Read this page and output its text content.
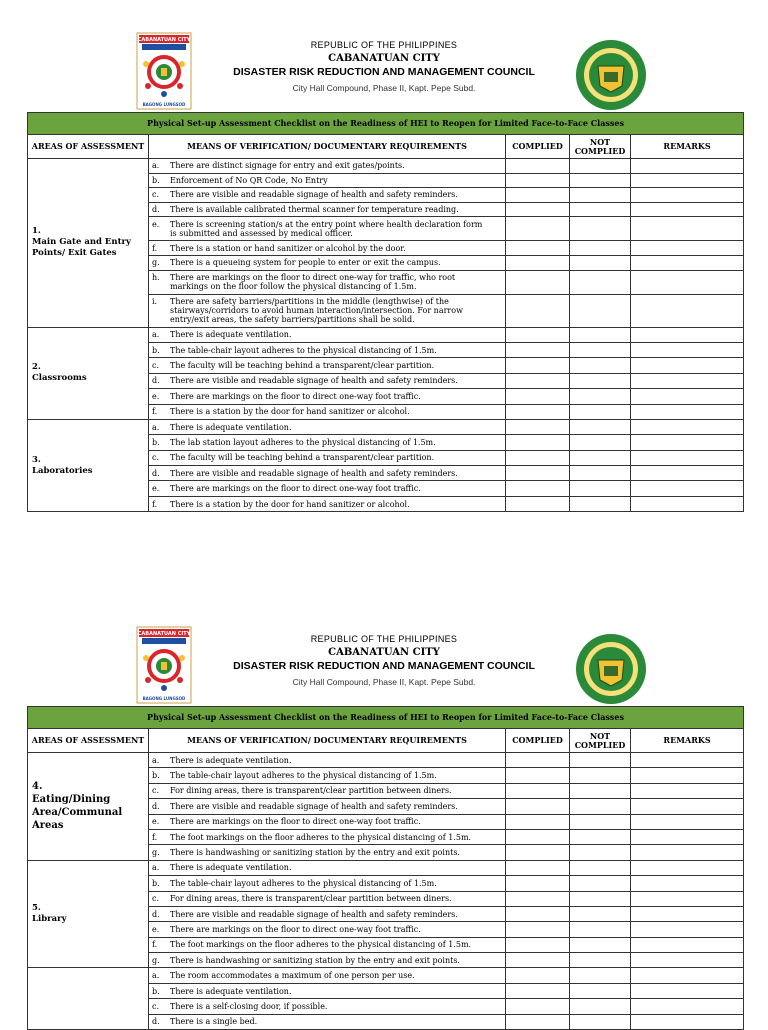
CABANATUAN CITY
BAGONG LUNGSOD
REPUBLIC OF THE PHILIPPINES
CABANATUAN CITY
DISASTER RISK REDUCTION AND MANAGEMENT COUNCIL
City Hall Compound, Phase II, Kapt. Pepe Subd.
Physical Set-up Assessment Checklist on the Readiness of HEI to Reopen for Limited Face-to-Face Classes				
AREAS OF ASSESSMENT	MEANS OF VERIFICATION/ DOCUMENTARY REQUIREMENTS	COMPLIED	NOT COMPLIED	REMARKS
1.Main Gate and Entry Points/ Exit Gates	a. There are distinct signage for entry and exit gates/points.			
	b. Enforcement of No QR Code, No Entry			
	c. There are visible and readable signage of health and safety reminders.			
	d. There is available calibrated thermal scanner for temperature reading.			
	e. There is screening station/s at the entry point where health declaration form is submitted and assessed by medical officer.			
	f. There is a station or hand sanitizer or alcohol by the door.			
	g. There is a queueing system for people to enter or exit the campus.			
	h. There are markings on the floor to direct one-way for traffic, who root markings on the floor follow the physical distancing of 1.5m.			
	i. There are safety barriers/partitions in the middle (lengthwise) of the stairways/corridors to avoid human interaction/intersection. For narrow entry/exit areas, the safety barriers/partitions shall be solid.			
2.Classrooms	a. There is adequate ventilation.			
	b. The table-chair layout adheres to the physical distancing of 1.5m.			
	c. The faculty will be teaching behind a transparent/clear partition.			
	d. There are visible and readable signage of health and safety reminders.			
	e. There are markings on the floor to direct one-way foot traffic.			
	f. There is a station by the door for hand sanitizer or alcohol.			
3.Laboratories	a. There is adequate ventilation.			
	b. The lab station layout adheres to the physical distancing of 1.5m.			
	c. The faculty will be teaching behind a transparent/clear partition.			
	d. There are visible and readable signage of health and safety reminders.			
	e. There are markings on the floor to direct one-way foot traffic.			
	f. There is a station by the door for hand sanitizer or alcohol.			
CABANATUAN CITY
BAGONG LUNGSOD
REPUBLIC OF THE PHILIPPINES
CABANATUAN CITY
DISASTER RISK REDUCTION AND MANAGEMENT COUNCIL
City Hall Compound, Phase II, Kapt. Pepe Subd.
Physical Set-up Assessment Checklist on the Readiness of HEI to Reopen for Limited Face-to-Face Classes				
AREAS OF ASSESSMENT	MEANS OF VERIFICATION/ DOCUMENTARY REQUIREMENTS	COMPLIED	NOT COMPLIED	REMARKS
4.Eating/Dining Area/Communal Areas	a. There is adequate ventilation.			
	b. The table-chair layout adheres to the physical distancing of 1.5m.			
	c. For dining areas, there is transparent/clear partition between diners.			
	d. There are visible and readable signage of health and safety reminders.			
	e. There are markings on the floor to direct one-way foot traffic.			
	f. The foot markings on the floor adheres to the physical distancing of 1.5m.			
	g. There is handwashing or sanitizing station by the entry and exit points.			
5.Library	a. There is adequate ventilation.			
	b. The table-chair layout adheres to the physical distancing of 1.5m.			
	c. For dining areas, there is transparent/clear partition between diners.			
	d. There are visible and readable signage of health and safety reminders.			
	e. There are markings on the floor to direct one-way foot traffic.			
	f. The foot markings on the floor adheres to the physical distancing of 1.5m.			
	g. There is handwashing or sanitizing station by the entry and exit points.			
	a. The room accommodates a maximum of one person per use.			
	b. There is adequate ventilation.			
	c. There is a self-closing door, if possible.			
	d. There is a single bed.			
